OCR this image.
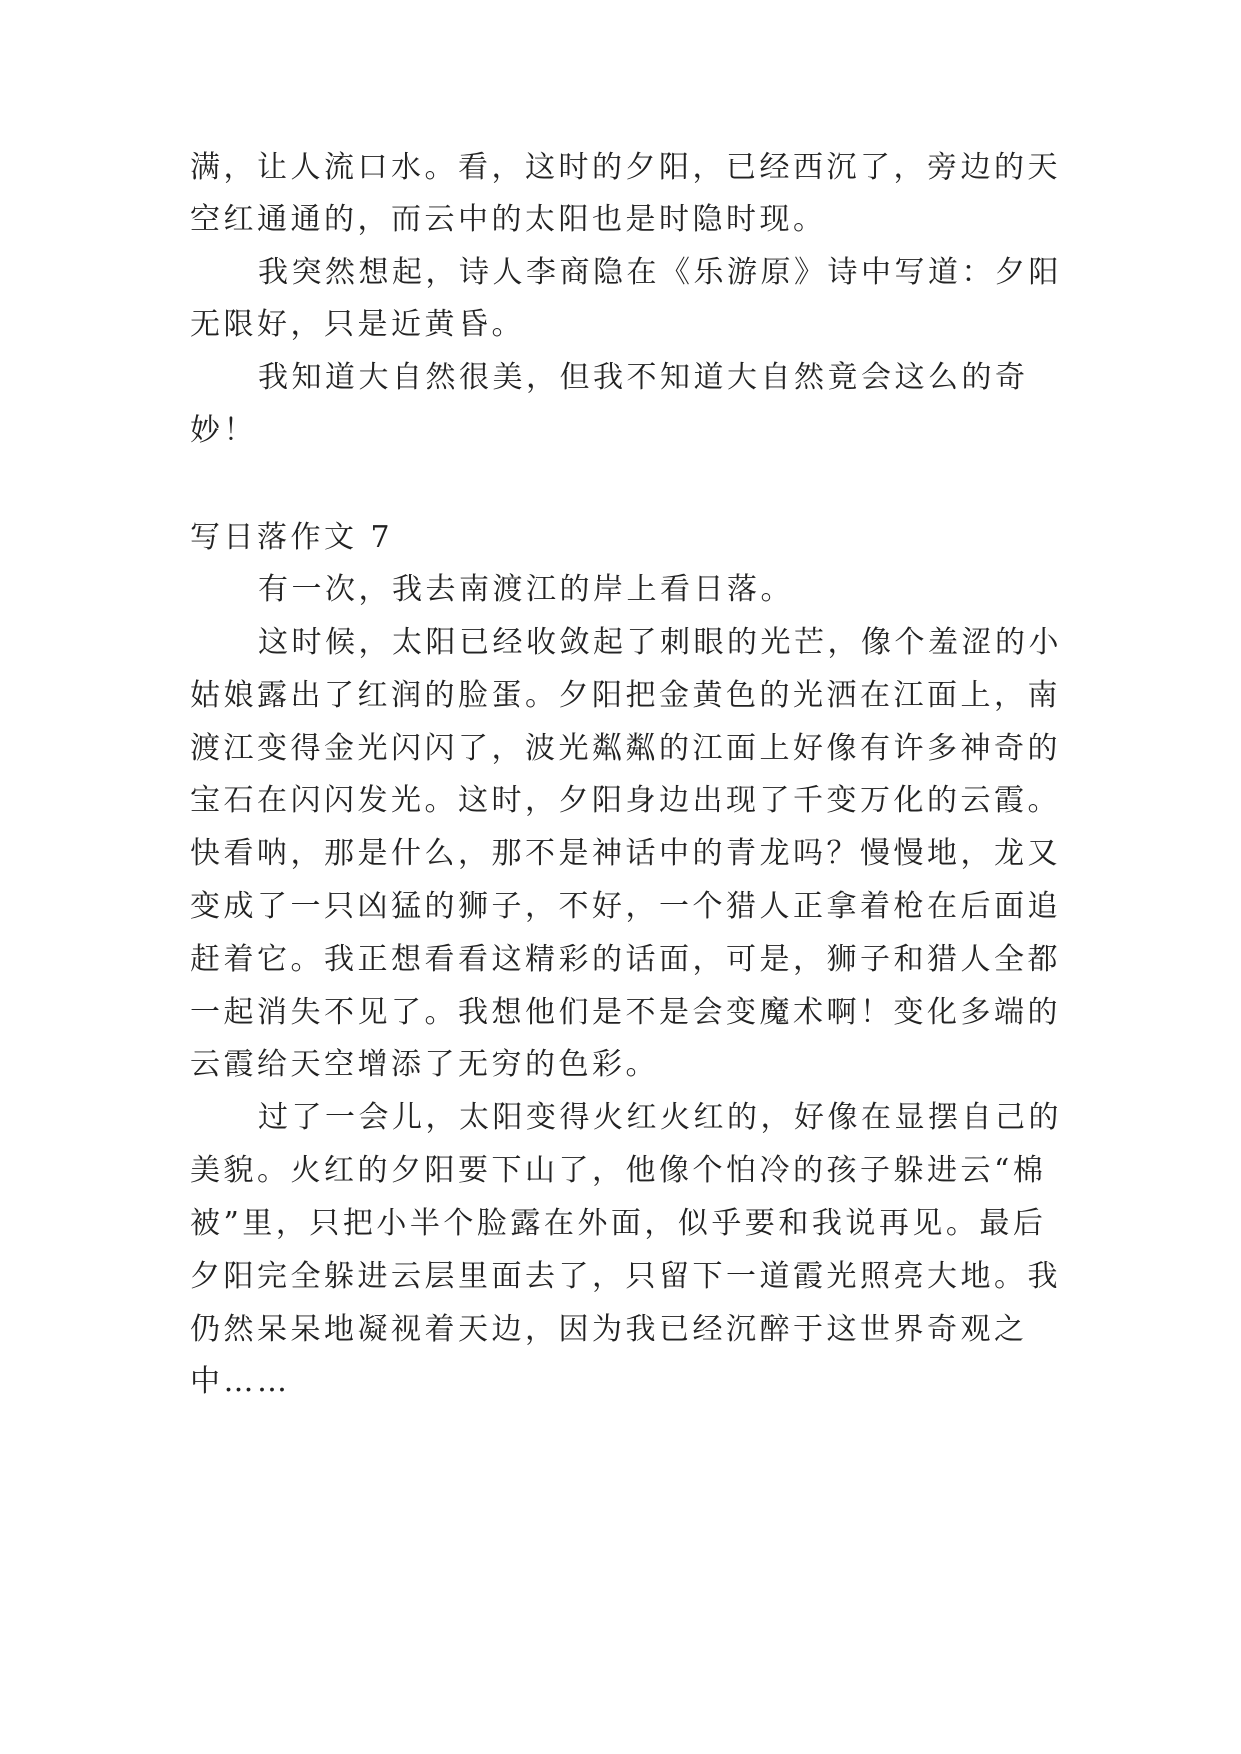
满，让人流口水。看，这时的夕阳，已经西沉了，旁边的天
空红通通的，而云中的太阳也是时隐时现。
我突然想起，诗人李商隐在《乐游原》诗中写道：夕阳
无限好，只是近黄昏。
我知道大自然很美，但我不知道大自然竟会这么的奇
妙！
写日落作文 7
有一次，我去南渡江的岸上看日落。
这时候，太阳已经收敛起了刺眼的光芒，像个羞涩的小
姑娘露出了红润的脸蛋。夕阳把金黄色的光洒在江面上，南
渡江变得金光闪闪了，波光粼粼的江面上好像有许多神奇的
宝石在闪闪发光。这时，夕阳身边出现了千变万化的云霞。
快看呐，那是什么，那不是神话中的青龙吗？慢慢地，龙又
变成了一只凶猛的狮子，不好，一个猎人正拿着枪在后面追
赶着它。我正想看看这精彩的话面，可是，狮子和猎人全都
一起消失不见了。我想他们是不是会变魔术啊！变化多端的
云霞给天空增添了无穷的色彩。
过了一会儿，太阳变得火红火红的，好像在显摆自己的
美貌。火红的夕阳要下山了，他像个怕冷的孩子躲进云“棉
被”里，只把小半个脸露在外面，似乎要和我说再见。最后
夕阳完全躲进云层里面去了，只留下一道霞光照亮大地。我
仍然呆呆地凝视着天边，因为我已经沉醉于这世界奇观之
中……
